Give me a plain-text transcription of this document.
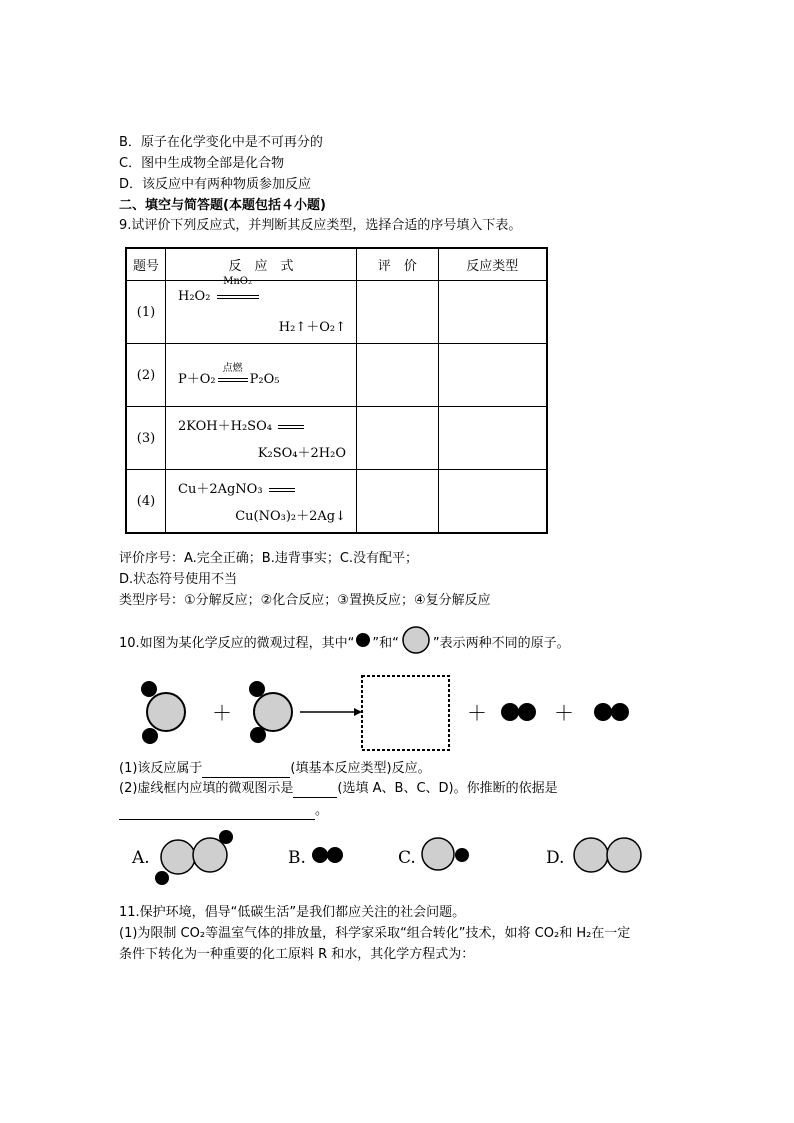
B．原子在化学变化中是不可再分的
C．图中生成物全部是化合物
D．该反应中有两种物质参加反应
二、填空与简答题(本题包括４小题)
9.试评价下列反应式，并判断其反应类型，选择合适的序号填入下表。
题号	反　应　式	评　价	反应类型
(1)	H₂O₂
MnO₂
H₂↑＋O₂↑		

(2)	P＋O₂
点燃
P₂O₅		

(3)	2KOH＋H₂SO₄
K₂SO₄＋2H₂O		

(4)	Cu＋2AgNO₃
Cu(NO₃)₂＋2Ag↓		

评价序号：A.完全正确；B.违背事实；C.没有配平；
D.状态符号使用不当
类型序号：①分解反应；②化合反应；③置换反应；④复分解反应
10.如图为某化学反应的微观过程，其中“ ”和“	”表示两种不同的原子。
＋	＋	＋
(1)该反应属于	(填基本反应类型)反应。
(2)虚线框内应填的微观图示是	(选填 A、B、C、D)。你推断的依据是
。
A.	B.	C.	D.
11.保护环境，倡导“低碳生活”是我们都应关注的社会问题。
(1)为限制 CO₂等温室气体的排放量，科学家采取“组合转化”技术，如将 CO₂和 H₂在一定
条件下转化为一种重要的化工原料 R 和水，其化学方程式为：
